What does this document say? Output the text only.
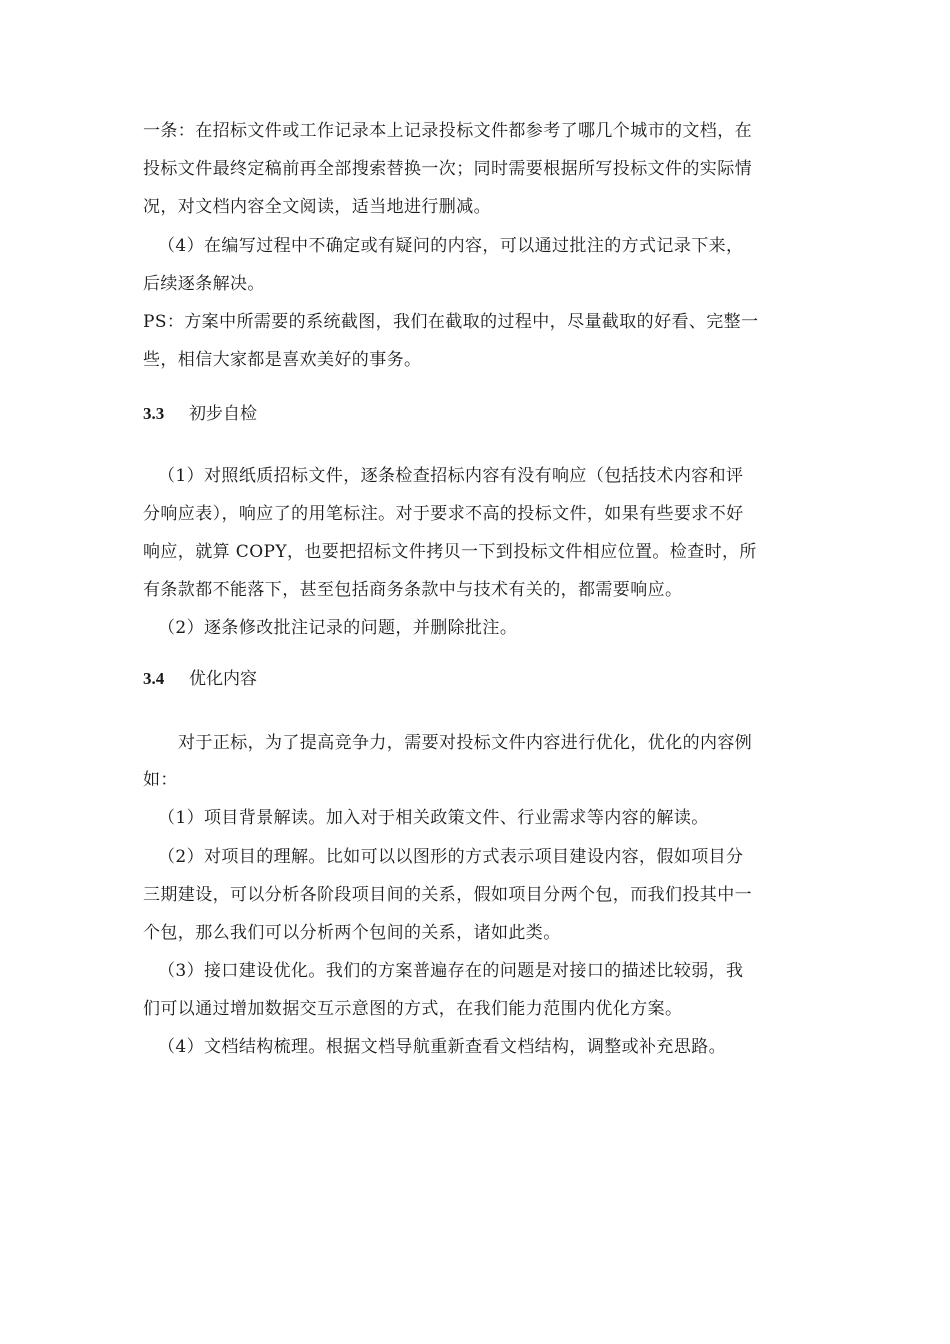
一条：在招标文件或工作记录本上记录投标文件都参考了哪几个城市的文档，在
投标文件最终定稿前再全部搜索替换一次；同时需要根据所写投标文件的实际情
况，对文档内容全文阅读，适当地进行删减。
（4）在编写过程中不确定或有疑问的内容，可以通过批注的方式记录下来，
后续逐条解决。
PS：方案中所需要的系统截图，我们在截取的过程中，尽量截取的好看、完整一
些，相信大家都是喜欢美好的事务。
3.3 初步自检
（1）对照纸质招标文件，逐条检查招标内容有没有响应（包括技术内容和评
分响应表），响应了的用笔标注。对于要求不高的投标文件，如果有些要求不好
响应，就算 COPY，也要把招标文件拷贝一下到投标文件相应位置。检查时，所
有条款都不能落下，甚至包括商务条款中与技术有关的，都需要响应。
（2）逐条修改批注记录的问题，并删除批注。
3.4 优化内容
对于正标，为了提高竞争力，需要对投标文件内容进行优化，优化的内容例
如：
（1）项目背景解读。加入对于相关政策文件、行业需求等内容的解读。
（2）对项目的理解。比如可以以图形的方式表示项目建设内容，假如项目分
三期建设，可以分析各阶段项目间的关系，假如项目分两个包，而我们投其中一
个包，那么我们可以分析两个包间的关系，诸如此类。
（3）接口建设优化。我们的方案普遍存在的问题是对接口的描述比较弱，我
们可以通过增加数据交互示意图的方式，在我们能力范围内优化方案。
（4）文档结构梳理。根据文档导航重新查看文档结构，调整或补充思路。
